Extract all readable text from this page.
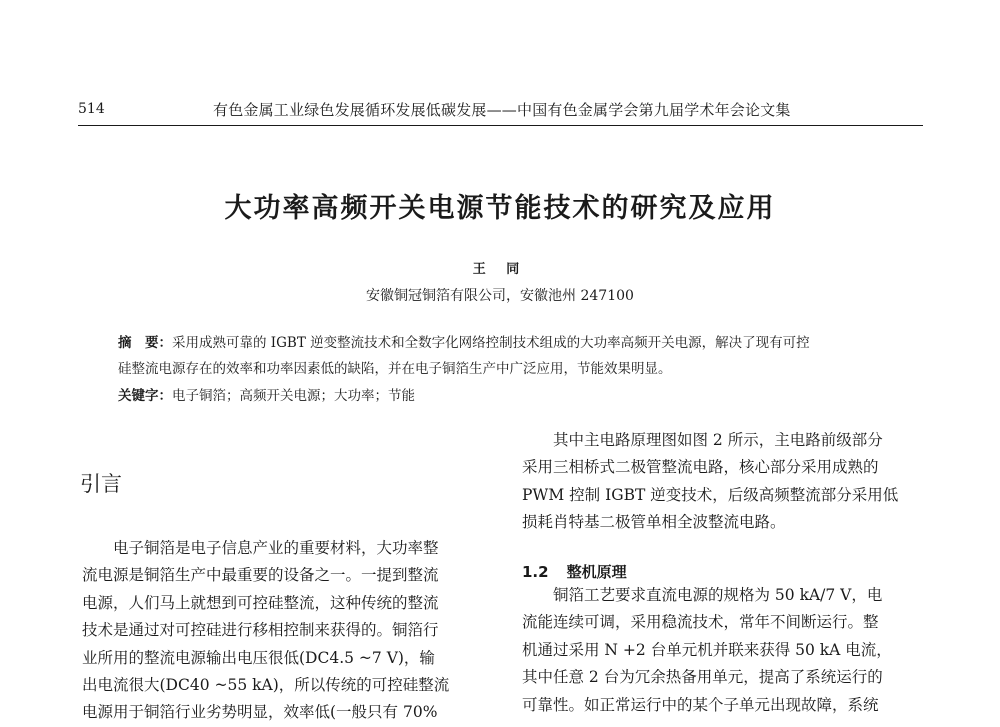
514	有色金属工业绿色发展循环发展低碳发展——中国有色金属学会第九届学术年会论文集
大功率高频开关电源节能技术的研究及应用
王 同
安徽铜冠铜箔有限公司，安徽池州 247100
摘　要：采用成熟可靠的 IGBT 逆变整流技术和全数字化网络控制技术组成的大功率高频开关电源，解决了现有可控
硅整流电源存在的效率和功率因素低的缺陷，并在电子铜箔生产中广泛应用，节能效果明显。
关键字：电子铜箔；高频开关电源；大功率；节能
引言
电子铜箔是电子信息产业的重要材料，大功率整
流电源是铜箔生产中最重要的设备之一。一提到整流
电源，人们马上就想到可控硅整流，这种传统的整流
技术是通过对可控硅进行移相控制来获得的。铜箔行
业所用的整流电源输出电压很低(DC4.5 ~7 V)，输
出电流很大(DC40 ~55 kA)，所以传统的可控硅整流
电源用于铜箔行业劣势明显，效率低(一般只有 70%
其中主电路原理图如图 2 所示，主电路前级部分
采用三相桥式二极管整流电路，核心部分采用成熟的
PWM 控制 IGBT 逆变技术，后级高频整流部分采用低
损耗肖特基二极管单相全波整流电路。
1.2 整机原理
铜箔工艺要求直流电源的规格为 50 kA/7 V，电
流能连续可调，采用稳流技术，常年不间断运行。整
机通过采用 N +2 台单元机并联来获得 50 kA 电流，
其中任意 2 台为冗余热备用单元，提高了系统运行的
可靠性。如正常运行中的某个子单元出现故障，系统
